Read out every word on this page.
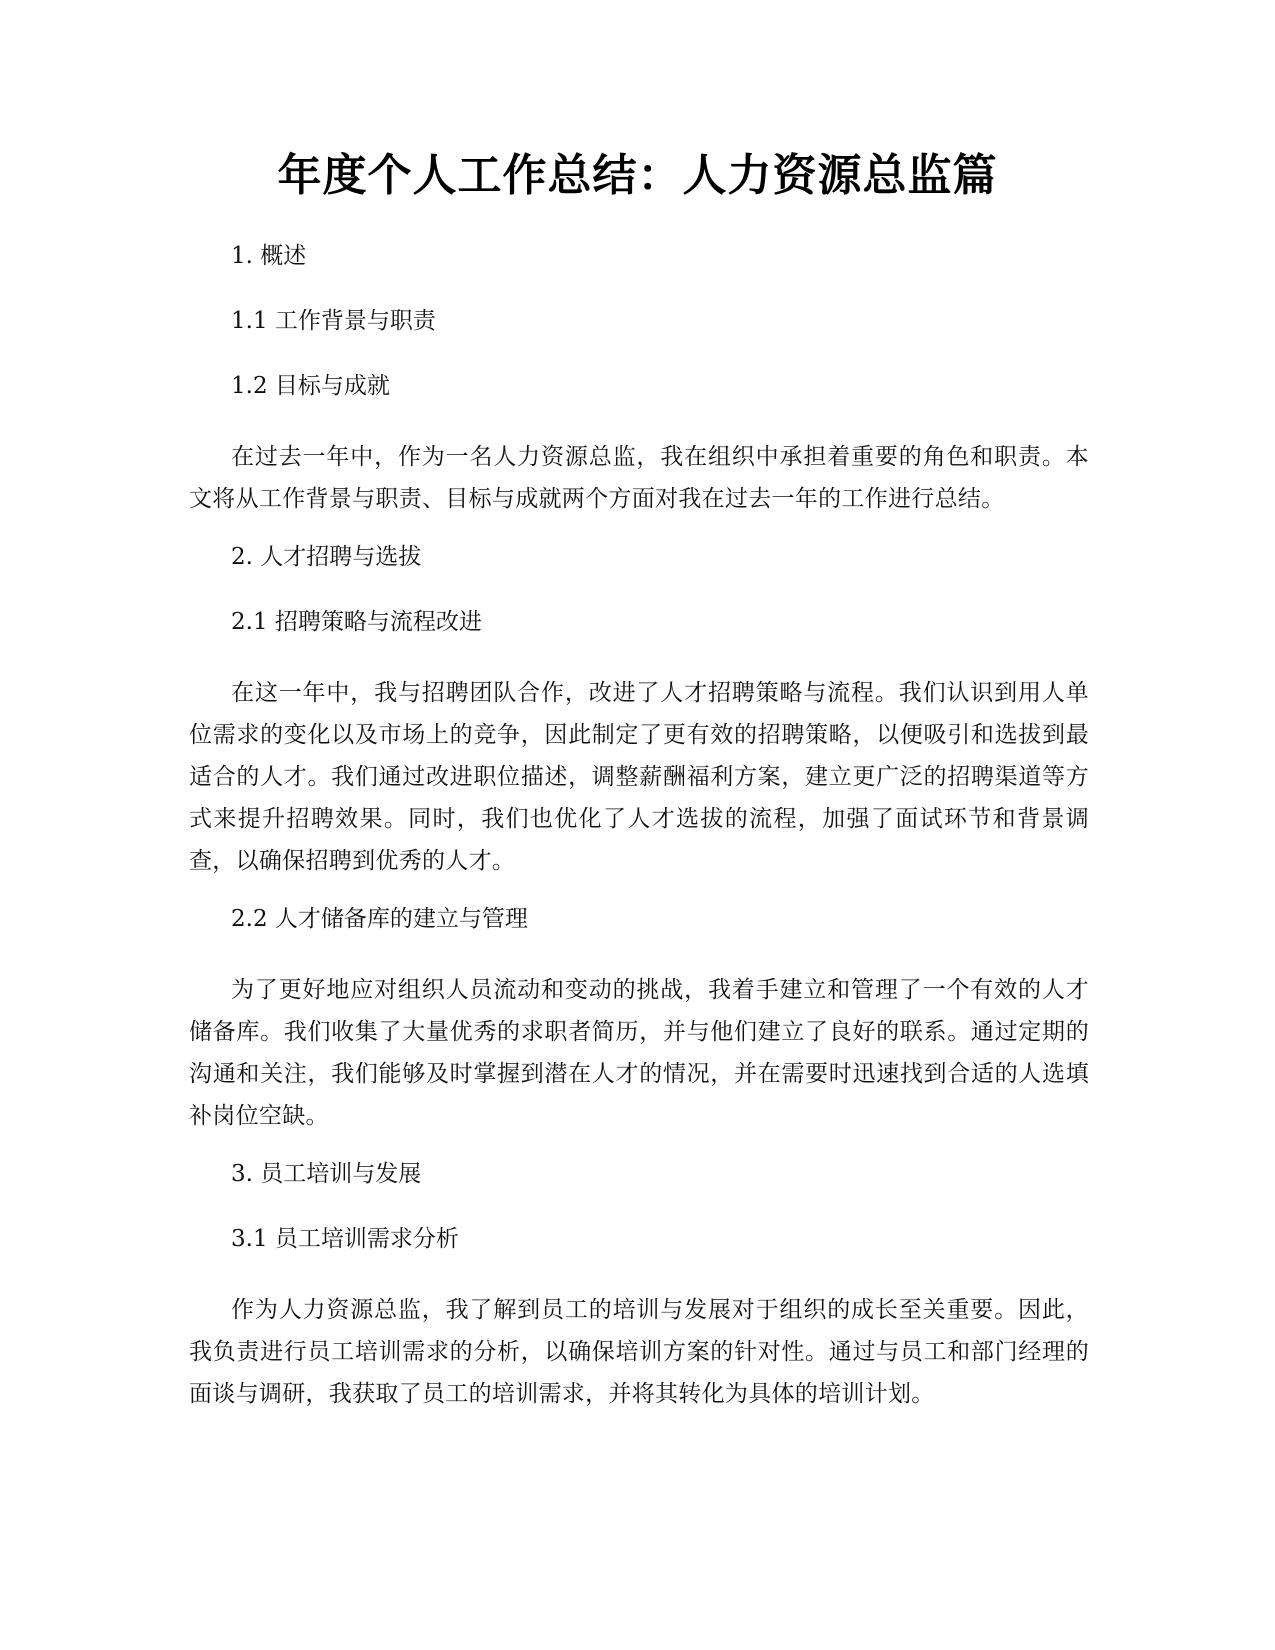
年度个人工作总结：人力资源总监篇
1. 概述
1.1 工作背景与职责
1.2 目标与成就

在过去一年中，作为一名人力资源总监，我在组织中承担着重要的角色和职责。本文将从工作背景与职责、目标与成就两个方面对我在过去一年的工作进行总结。

2. 人才招聘与选拔
2.1 招聘策略与流程改进

在这一年中，我与招聘团队合作，改进了人才招聘策略与流程。我们认识到用人单位需求的变化以及市场上的竞争，因此制定了更有效的招聘策略，以便吸引和选拔到最适合的人才。我们通过改进职位描述，调整薪酬福利方案，建立更广泛的招聘渠道等方式来提升招聘效果。同时，我们也优化了人才选拔的流程，加强了面试环节和背景调查，以确保招聘到优秀的人才。

2.2 人才储备库的建立与管理

为了更好地应对组织人员流动和变动的挑战，我着手建立和管理了一个有效的人才储备库。我们收集了大量优秀的求职者简历，并与他们建立了良好的联系。通过定期的沟通和关注，我们能够及时掌握到潜在人才的情况，并在需要时迅速找到合适的人选填补岗位空缺。

3. 员工培训与发展
3.1 员工培训需求分析

作为人力资源总监，我了解到员工的培训与发展对于组织的成长至关重要。因此，我负责进行员工培训需求的分析，以确保培训方案的针对性。通过与员工和部门经理的面谈与调研，我获取了员工的培训需求，并将其转化为具体的培训计划。
